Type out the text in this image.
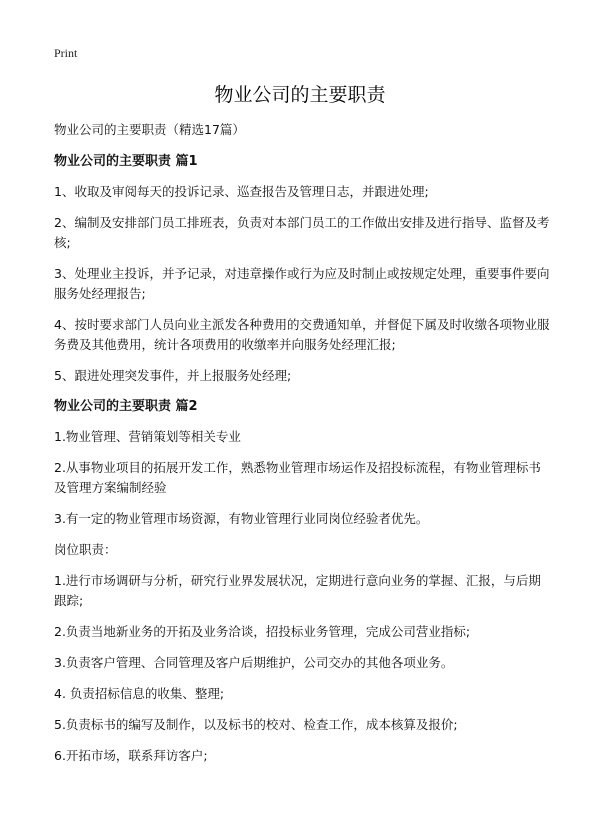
Print
物业公司的主要职责

物业公司的主要职责（精选17篇）

物业公司的主要职责 篇1

1、收取及审阅每天的投诉记录、巡查报告及管理日志，并跟进处理;

2、编制及安排部门员工排班表，负责对本部门员工的工作做出安排及进行指导、监督及考核;

3、处理业主投诉，并予记录，对违章操作或行为应及时制止或按规定处理，重要事件要向服务处经理报告;

4、按时要求部门人员向业主派发各种费用的交费通知单，并督促下属及时收缴各项物业服务费及其他费用，统计各项费用的收缴率并向服务处经理汇报;

5、跟进处理突发事件，并上报服务处经理;

物业公司的主要职责 篇2

1.物业管理、营销策划等相关专业

2.从事物业项目的拓展开发工作，熟悉物业管理市场运作及招投标流程，有物业管理标书及管理方案编制经验

3.有一定的物业管理市场资源，有物业管理行业同岗位经验者优先。

岗位职责：

1.进行市场调研与分析，研究行业界发展状况，定期进行意向业务的掌握、汇报，与后期跟踪;

2.负责当地新业务的开拓及业务洽谈，招投标业务管理，完成公司营业指标;

3.负责客户管理、合同管理及客户后期维护，公司交办的其他各项业务。

4. 负责招标信息的收集、整理;

5.负责标书的编写及制作，以及标书的校对、检查工作，成本核算及报价;

6.开拓市场，联系拜访客户;
